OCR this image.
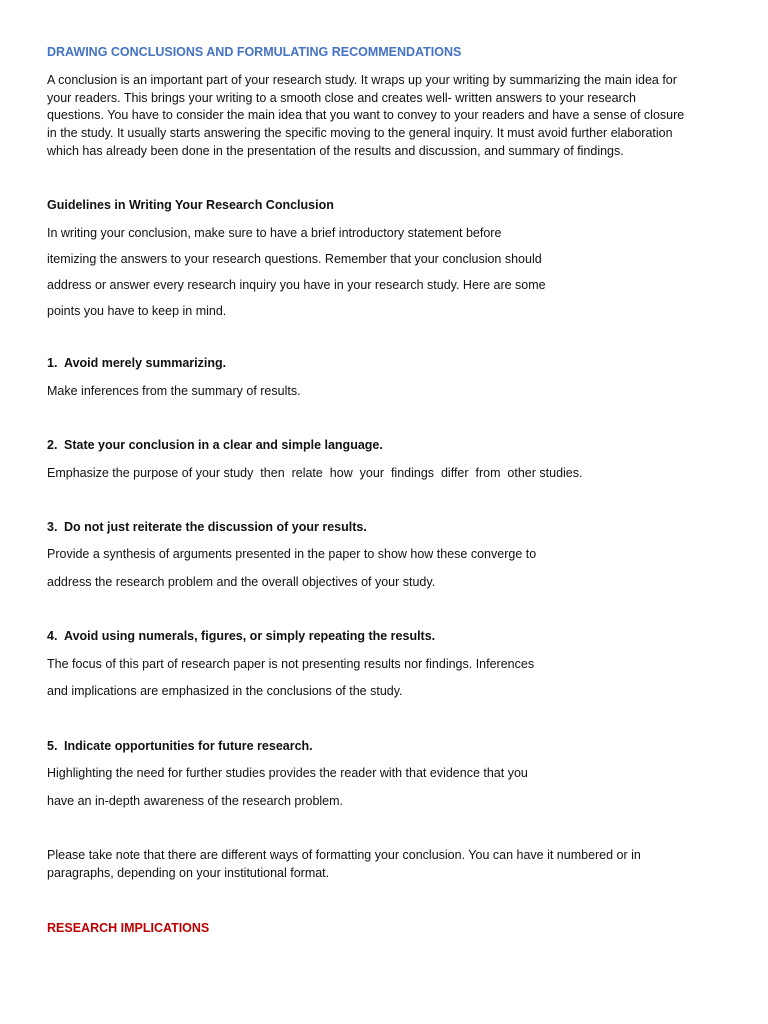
DRAWING CONCLUSIONS AND FORMULATING RECOMMENDATIONS

A conclusion is an important part of your research study. It wraps up your writing by summarizing the main idea for

your readers. This brings your writing to a smooth close and creates well- written answers to your research

questions. You have to consider the main idea that you want to convey to your readers and have a sense of closure

in the study. It usually starts answering the specific moving to the general inquiry. It must avoid further elaboration

which has already been done in the presentation of the results and discussion, and summary of findings.

Guidelines in Writing Your Research Conclusion

In writing your conclusion, make sure to have a brief introductory statement before

itemizing the answers to your research questions. Remember that your conclusion should

address or answer every research inquiry you have in your research study. Here are some

points you have to keep in mind.

1. Avoid merely summarizing.

Make inferences from the summary of results.

2. State your conclusion in a clear and simple language.

Emphasize the purpose of your study  then  relate  how  your  findings  differ  from  other studies.

3. Do not just reiterate the discussion of your results.

Provide a synthesis of arguments presented in the paper to show how these converge to

address the research problem and the overall objectives of your study.

4. Avoid using numerals, figures, or simply repeating the results.

The focus of this part of research paper is not presenting results nor findings. Inferences

and implications are emphasized in the conclusions of the study.

5. Indicate opportunities for future research.

Highlighting the need for further studies provides the reader with that evidence that you

have an in-depth awareness of the research problem.

Please take note that there are different ways of formatting your conclusion. You can have it numbered or in

paragraphs, depending on your institutional format.

RESEARCH IMPLICATIONS
